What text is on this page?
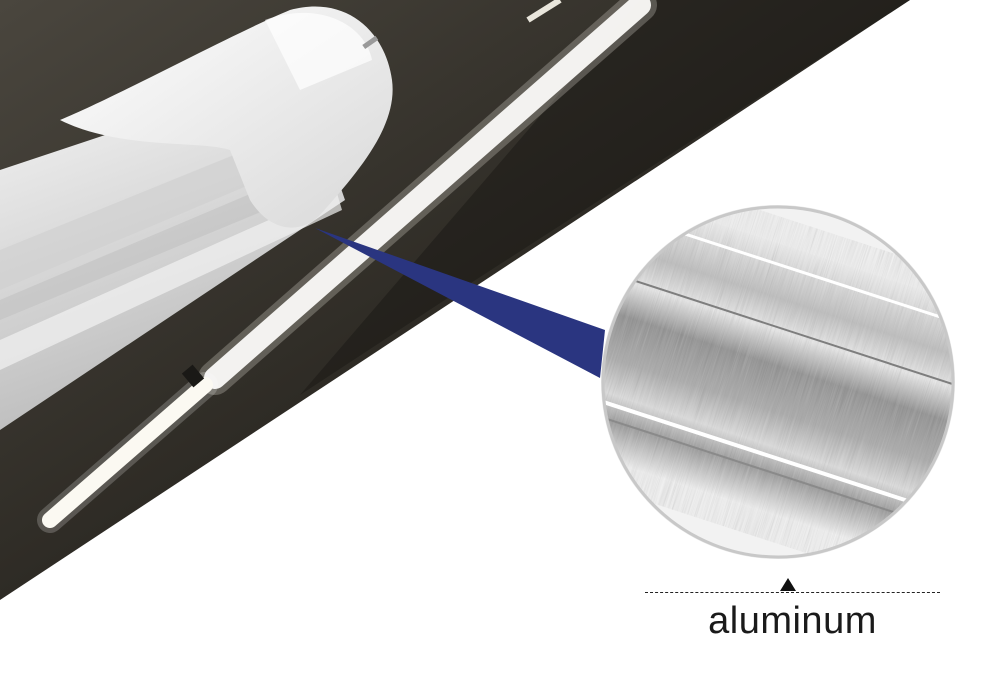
aluminum
